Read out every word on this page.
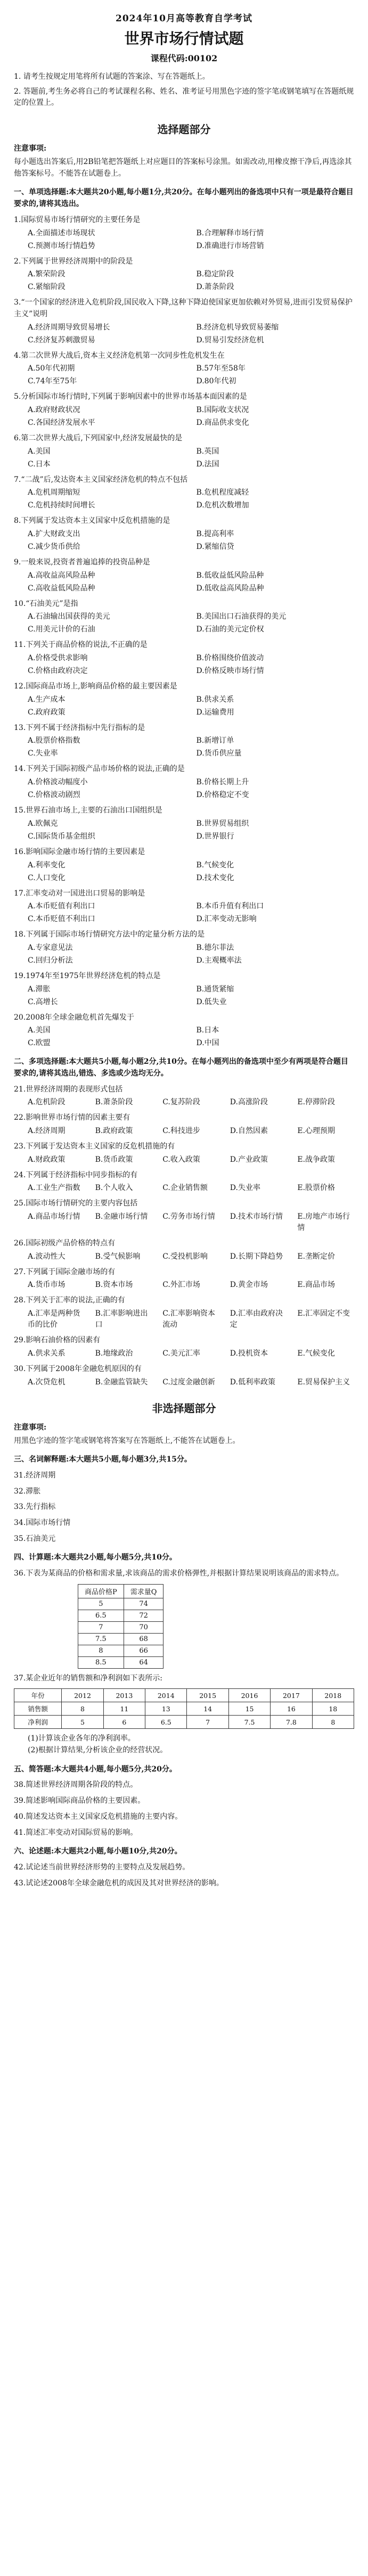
2024年10月高等教育自学考试
世界市场行情试题
课程代码:00102

1. 请考生按规定用笔将所有试题的答案涂、写在答题纸上。

2. 答题前,考生务必将自己的考试课程名称、姓名、准考证号用黑色字迹的签字笔或钢笔填写在答题纸规定的位置上。

选择题部分
注意事项:

每小题选出答案后,用2B铅笔把答题纸上对应题目的答案标号涂黑。如需改动,用橡皮擦干净后,再选涂其他答案标号。不能答在试题卷上。

一、单项选择题:本大题共20小题,每小题1分,共20分。在每小题列出的备选项中只有一项是最符合题目要求的,请将其选出。
1.国际贸易市场行情研究的主要任务是
A.全面描述市场现状	B.合理解释市场行情
C.预测市场行情趋势	D.准确进行市场营销
2.下列属于世界经济周期中的阶段是
A.繁荣阶段	B.稳定阶段
C.紧缩阶段	D.萧条阶段
3.“一个国家的经济进入危机阶段,国民收入下降,这种下降迫使国家更加依赖对外贸易,进而引发贸易保护主义”说明
A.经济周期导致贸易增长	B.经济危机导致贸易萎缩
C.经济复苏刺激贸易	D.贸易引发经济危机
4.第二次世界大战后,资本主义经济危机第一次同步性危机发生在
A.50年代初期	B.57年至58年
C.74年至75年	D.80年代初
5.分析国际市场行情时,下列属于影响因素中的世界市场基本面因素的是
A.政府财政状况	B.国际收支状况
C.各国经济发展水平	D.商品供求变化
6.第二次世界大战后,下列国家中,经济发展最快的是
A.美国	B.英国
C.日本	D.法国
7.“二战”后,发达资本主义国家经济危机的特点不包括
A.危机周期缩短	B.危机程度减轻
C.危机持续时间增长	D.危机次数增加
8.下列属于发达资本主义国家中反危机措施的是
A.扩大财政支出	B.提高利率
C.减少货币供给	D.紧缩信贷
9.一般来说,投资者普遍追捧的投资品种是
A.高收益高风险品种	B.低收益低风险品种
C.高收益低风险品种	D.低收益高风险品种
10.“石油美元”是指
A.石油输出国获得的美元	B.美国出口石油获得的美元
C.用美元计价的石油	D.石油的美元定价权
11.下列关于商品价格的说法,不正确的是
A.价格受供求影响	B.价格围绕价值波动
C.价格由政府决定	D.价格反映市场行情
12.国际商品市场上,影响商品价格的最主要因素是
A.生产成本	B.供求关系
C.政府政策	D.运输费用
13.下列不属于经济指标中先行指标的是
A.股票价格指数	B.新增订单
C.失业率	D.货币供应量
14.下列关于国际初级产品市场价格的说法,正确的是
A.价格波动幅度小	B.价格长期上升
C.价格波动剧烈	D.价格稳定不变
15.世界石油市场上,主要的石油出口国组织是
A.欧佩克	B.世界贸易组织
C.国际货币基金组织	D.世界银行
16.影响国际金融市场行情的主要因素是
A.利率变化	B.气候变化
C.人口变化	D.技术变化
17.汇率变动对一国进出口贸易的影响是
A.本币贬值有利出口	B.本币升值有利出口
C.本币贬值不利出口	D.汇率变动无影响
18.下列属于国际市场行情研究方法中的定量分析方法的是
A.专家意见法	B.德尔菲法
C.回归分析法	D.主观概率法
19.1974年至1975年世界经济危机的特点是
A.滞胀	B.通货紧缩
C.高增长	D.低失业
20.2008年全球金融危机首先爆发于
A.美国	B.日本
C.欧盟	D.中国
二、多项选择题:本大题共5小题,每小题2分,共10分。在每小题列出的备选项中至少有两项是符合题目要求的,请将其选出,错选、多选或少选均无分。
21.世界经济周期的表现形式包括
A.危机阶段	B.萧条阶段	C.复苏阶段	D.高涨阶段	E.停滞阶段
22.影响世界市场行情的因素主要有
A.经济周期	B.政府政策	C.科技进步	D.自然因素	E.心理预期
23.下列属于发达资本主义国家的反危机措施的有
A.财政政策	B.货币政策	C.收入政策	D.产业政策	E.战争政策
24.下列属于经济指标中同步指标的有
A.工业生产指数	B.个人收入	C.企业销售额	D.失业率	E.股票价格
25.国际市场行情研究的主要内容包括
A.商品市场行情	B.金融市场行情	C.劳务市场行情	D.技术市场行情	E.房地产市场行情
26.国际初级产品价格的特点有
A.波动性大	B.受气候影响	C.受投机影响	D.长期下降趋势	E.垄断定价
27.下列属于国际金融市场的有
A.货币市场	B.资本市场	C.外汇市场	D.黄金市场	E.商品市场
28.下列关于汇率的说法,正确的有
A.汇率是两种货币的比价
B.汇率影响进出口
C.汇率影响资本流动
D.汇率由政府决定
E.汇率固定不变
29.影响石油价格的因素有
A.供求关系	B.地缘政治	C.美元汇率	D.投机资本	E.气候变化
30.下列属于2008年金融危机原因的有
A.次贷危机	B.金融监管缺失	C.过度金融创新	D.低利率政策	E.贸易保护主义
非选择题部分
注意事项:

用黑色字迹的签字笔或钢笔将答案写在答题纸上,不能答在试题卷上。

三、名词解释题:本大题共5小题,每小题3分,共15分。
31.经济周期
32.滞胀
33.先行指标
34.国际市场行情
35.石油美元
四、计算题:本大题共2小题,每小题5分,共10分。
36.下表为某商品的价格和需求量,求该商品的需求价格弹性,并根据计算结果说明该商品的需求特点。
商品价格P	需求量Q
5	74
6.5	72
7	70
7.5	68
8	66
8.5	64
37.某企业近年的销售额和净利润如下表所示:
年份	2012	2013	2014	2015	2016	2017	2018
销售额	8	11	13	14	15	16	18
净利润	5	6	6.5	7	7.5	7.8	8
(1)计算该企业各年的净利润率。
(2)根据计算结果,分析该企业的经营状况。
五、简答题:本大题共4小题,每小题5分,共20分。
38.简述世界经济周期各阶段的特点。
39.简述影响国际商品价格的主要因素。
40.简述发达资本主义国家反危机措施的主要内容。
41.简述汇率变动对国际贸易的影响。
六、论述题:本大题共2小题,每小题10分,共20分。
42.试论述当前世界经济形势的主要特点及发展趋势。
43.试论述2008年全球金融危机的成因及其对世界经济的影响。
